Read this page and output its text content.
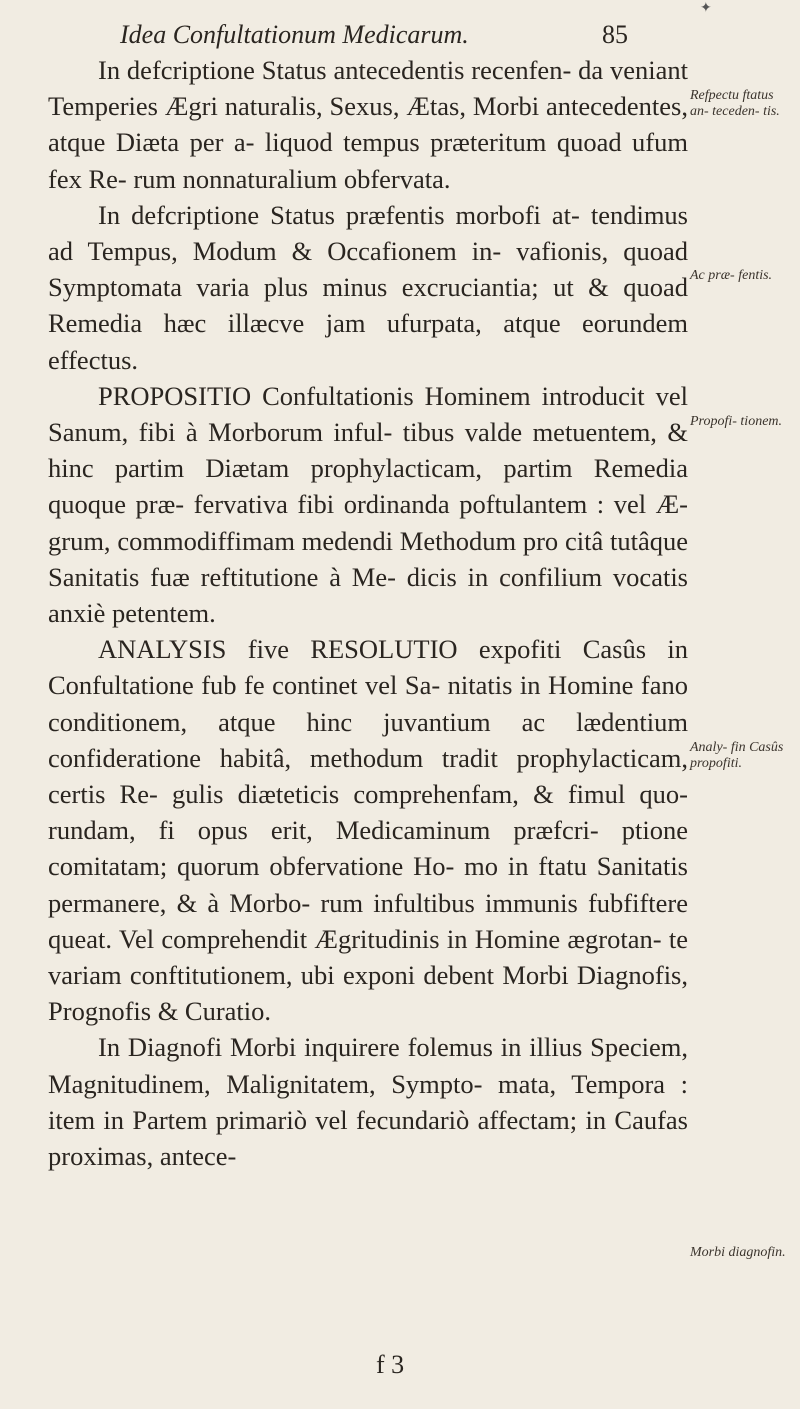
✦
Idea Confultationum Medicarum.	85

In defcriptione Status antecedentis recenfen- da veniant Temperies Ægri naturalis, Sexus, Ætas, Morbi antecedentes, atque Diæta per a- liquod tempus præteritum quoad ufum fex Re- rum nonnaturalium obfervata.

In defcriptione Status præfentis morbofi at- tendimus ad Tempus, Modum & Occafionem in- vafionis, quoad Symptomata varia plus minus excruciantia; ut & quoad Remedia hæc illæcve jam ufurpata, atque eorundem effectus.

PROPOSITIO Confultationis Hominem introducit vel Sanum, fibi à Morborum inful- tibus valde metuentem, & hinc partim Diætam prophylacticam, partim Remedia quoque præ- fervativa fibi ordinanda poftulantem : vel Æ- grum, commodiffimam medendi Methodum pro citâ tutâque Sanitatis fuæ reftitutione à Me- dicis in confilium vocatis anxiè petentem.

ANALYSIS five RESOLUTIO expofiti Casûs in Confultatione fub fe continet vel Sa- nitatis in Homine fano conditionem, atque hinc juvantium ac lædentium confideratione habitâ, methodum tradit prophylacticam, certis Re- gulis diæteticis comprehenfam, & fimul quo- rundam, fi opus erit, Medicaminum præfcri- ptione comitatam; quorum obfervatione Ho- mo in ftatu Sanitatis permanere, & à Morbo- rum infultibus immunis fubfiftere queat. Vel comprehendit Ægritudinis in Homine ægrotan- te variam conftitutionem, ubi exponi debent Morbi Diagnofis, Prognofis & Curatio.

In Diagnofi Morbi inquirere folemus in illius Speciem, Magnitudinem, Malignitatem, Sympto- mata, Tempora : item in Partem primariò vel fecundariò affectam; in Caufas proximas, antece-

Refpectu ftatus an- teceden- tis.
Ac præ- fentis.
Propofi- tionem.
Analy- fin Casûs propofiti.
Morbi diagnofin.
f 3
